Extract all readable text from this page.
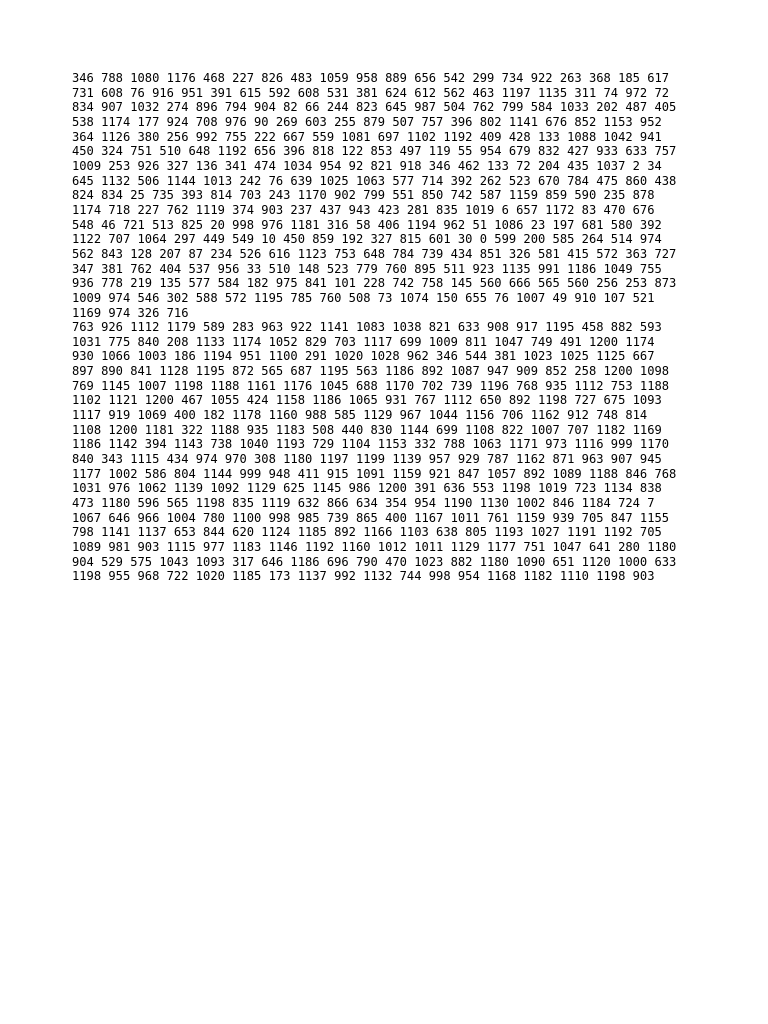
346 788 1080 1176 468 227 826 483 1059 958 889 656 542 299 734 922 263 368 185 617
731 608 76 916 951 391 615 592 608 531 381 624 612 562 463 1197 1135 311 74 972 72
834 907 1032 274 896 794 904 82 66 244 823 645 987 504 762 799 584 1033 202 487 405
538 1174 177 924 708 976 90 269 603 255 879 507 757 396 802 1141 676 852 1153 952
364 1126 380 256 992 755 222 667 559 1081 697 1102 1192 409 428 133 1088 1042 941
450 324 751 510 648 1192 656 396 818 122 853 497 119 55 954 679 832 427 933 633 757
1009 253 926 327 136 341 474 1034 954 92 821 918 346 462 133 72 204 435 1037 2 34
645 1132 506 1144 1013 242 76 639 1025 1063 577 714 392 262 523 670 784 475 860 438
824 834 25 735 393 814 703 243 1170 902 799 551 850 742 587 1159 859 590 235 878
1174 718 227 762 1119 374 903 237 437 943 423 281 835 1019 6 657 1172 83 470 676
548 46 721 513 825 20 998 976 1181 316 58 406 1194 962 51 1086 23 197 681 580 392
1122 707 1064 297 449 549 10 450 859 192 327 815 601 30 0 599 200 585 264 514 974
562 843 128 207 87 234 526 616 1123 753 648 784 739 434 851 326 581 415 572 363 727
347 381 762 404 537 956 33 510 148 523 779 760 895 511 923 1135 991 1186 1049 755
936 778 219 135 577 584 182 975 841 101 228 742 758 145 560 666 565 560 256 253 873
1009 974 546 302 588 572 1195 785 760 508 73 1074 150 655 76 1007 49 910 107 521
1169 974 326 716
763 926 1112 1179 589 283 963 922 1141 1083 1038 821 633 908 917 1195 458 882 593
1031 775 840 208 1133 1174 1052 829 703 1117 699 1009 811 1047 749 491 1200 1174
930 1066 1003 186 1194 951 1100 291 1020 1028 962 346 544 381 1023 1025 1125 667
897 890 841 1128 1195 872 565 687 1195 563 1186 892 1087 947 909 852 258 1200 1098
769 1145 1007 1198 1188 1161 1176 1045 688 1170 702 739 1196 768 935 1112 753 1188
1102 1121 1200 467 1055 424 1158 1186 1065 931 767 1112 650 892 1198 727 675 1093
1117 919 1069 400 182 1178 1160 988 585 1129 967 1044 1156 706 1162 912 748 814
1108 1200 1181 322 1188 935 1183 508 440 830 1144 699 1108 822 1007 707 1182 1169
1186 1142 394 1143 738 1040 1193 729 1104 1153 332 788 1063 1171 973 1116 999 1170
840 343 1115 434 974 970 308 1180 1197 1199 1139 957 929 787 1162 871 963 907 945
1177 1002 586 804 1144 999 948 411 915 1091 1159 921 847 1057 892 1089 1188 846 768
1031 976 1062 1139 1092 1129 625 1145 986 1200 391 636 553 1198 1019 723 1134 838
473 1180 596 565 1198 835 1119 632 866 634 354 954 1190 1130 1002 846 1184 724 7
1067 646 966 1004 780 1100 998 985 739 865 400 1167 1011 761 1159 939 705 847 1155
798 1141 1137 653 844 620 1124 1185 892 1166 1103 638 805 1193 1027 1191 1192 705
1089 981 903 1115 977 1183 1146 1192 1160 1012 1011 1129 1177 751 1047 641 280 1180
904 529 575 1043 1093 317 646 1186 696 790 470 1023 882 1180 1090 651 1120 1000 633
1198 955 968 722 1020 1185 173 1137 992 1132 744 998 954 1168 1182 1110 1198 903
